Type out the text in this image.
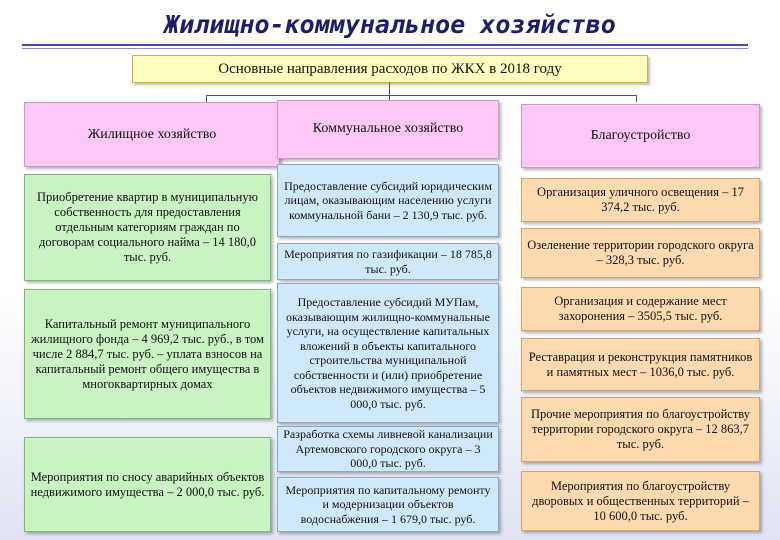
Жилищно-коммунальное хозяйство
Основные направления расходов по ЖКХ в 2018 году
Жилищное хозяйство	Коммунальное хозяйство	Благоустройство
Приобретение квартир в муниципальную собственность для предоставления отдельным категориям граждан по договорам социального найма – 14 180,0 тыс. руб.
Капитальный ремонт муниципального жилищного фонда – 4 969,2 тыс. руб., в том числе 2 884,7 тыс. руб. – уплата взносов на капитальный ремонт общего имущества в многоквартирных домах
Мероприятия по сносу аварийных объектов недвижимого имущества – 2 000,0 тыс. руб.
Предоставление субсидий юридическим лицам, оказывающим населению услуги коммунальной бани – 2 130,9 тыс. руб.
Мероприятия по газификации – 18 785,8 тыс. руб.
Предоставление субсидий МУПам, оказывающим жилищно-коммунальные услуги, на осуществление капитальных вложений в объекты капитального строительства муниципальной собственности и (или) приобретение объектов недвижимого имущества – 5 000,0 тыс. руб.
Разработка схемы ливневой канализации Артемовского городского округа – 3 000,0 тыс. руб.
Мероприятия по капитальному ремонту и модернизации объектов водоснабжения – 1 679,0 тыс. руб.
Организация уличного освещения – 17 374,2 тыс. руб.
Озеленение территории городского округа – 328,3 тыс. руб.
Организация и содержание мест захоронения – 3505,5 тыс. руб.
Реставрация и реконструкция памятников и памятных мест – 1036,0 тыс. руб.
Прочие мероприятия по благоустройству территории городского округа – 12 863,7 тыс. руб.
Мероприятия по благоустройству дворовых и общественных территорий – 10 600,0 тыс. руб.
